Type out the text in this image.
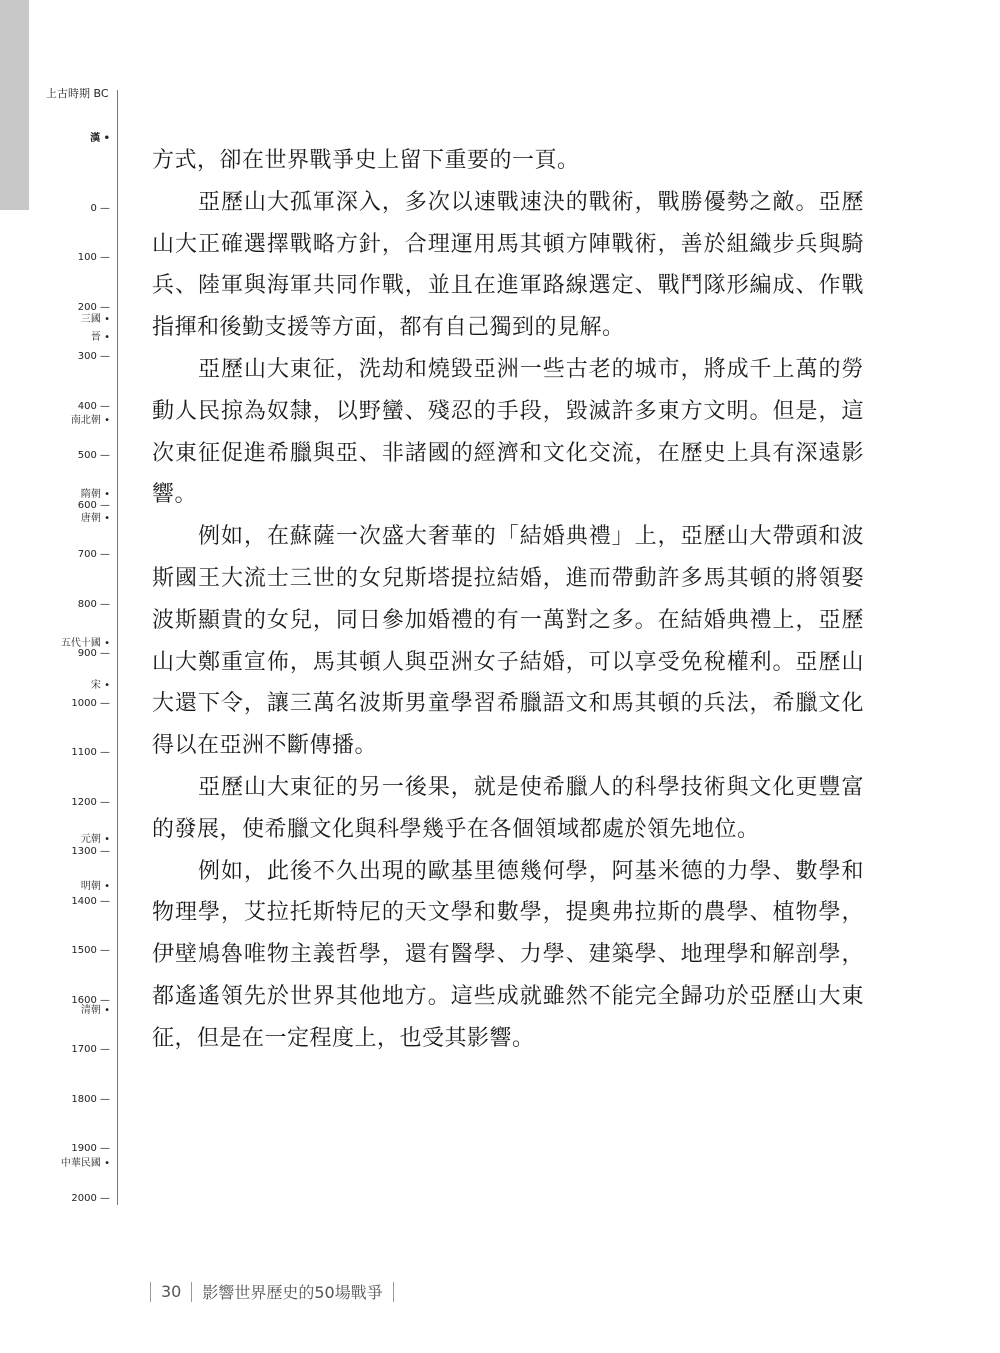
上古時期 BC
0 —
100 —
200 —
300 —
400 —
500 —
600 —
700 —
800 —
900 —
1000 —
1100 —
1200 —
1300 —
1400 —
1500 —
1600 —
1700 —
1800 —
1900 —
2000 —
漢 •
三國 •
晉 •
南北朝 •
隋朝 •
唐朝 •
五代十國 •
宋 •
元朝 •
明朝 •
清朝 •
中華民國 •

方式，卻在世界戰爭史上留下重要的一頁。

亞歷山大孤軍深入，多次以速戰速決的戰術，戰勝優勢之敵。亞歷山大正確選擇戰略方針，合理運用馬其頓方陣戰術，善於組織步兵與騎兵、陸軍與海軍共同作戰，並且在進軍路線選定、戰鬥隊形編成、作戰指揮和後勤支援等方面，都有自己獨到的見解。

亞歷山大東征，洗劫和燒毀亞洲一些古老的城市，將成千上萬的勞動人民掠為奴隸，以野蠻、殘忍的手段，毀滅許多東方文明。但是，這次東征促進希臘與亞、非諸國的經濟和文化交流，在歷史上具有深遠影響。

例如，在蘇薩一次盛大奢華的「結婚典禮」上，亞歷山大帶頭和波斯國王大流士三世的女兒斯塔提拉結婚，進而帶動許多馬其頓的將領娶波斯顯貴的女兒，同日參加婚禮的有一萬對之多。在結婚典禮上，亞歷山大鄭重宣佈，馬其頓人與亞洲女子結婚，可以享受免稅權利。亞歷山大還下令，讓三萬名波斯男童學習希臘語文和馬其頓的兵法，希臘文化得以在亞洲不斷傳播。

亞歷山大東征的另一後果，就是使希臘人的科學技術與文化更豐富的發展，使希臘文化與科學幾乎在各個領域都處於領先地位。

例如，此後不久出現的歐基里德幾何學，阿基米德的力學、數學和物理學，艾拉托斯特尼的天文學和數學，提奧弗拉斯的農學、植物學，伊壁鳩魯唯物主義哲學，還有醫學、力學、建築學、地理學和解剖學，都遙遙領先於世界其他地方。這些成就雖然不能完全歸功於亞歷山大東征，但是在一定程度上，也受其影響。

30 影響世界歷史的50場戰爭
